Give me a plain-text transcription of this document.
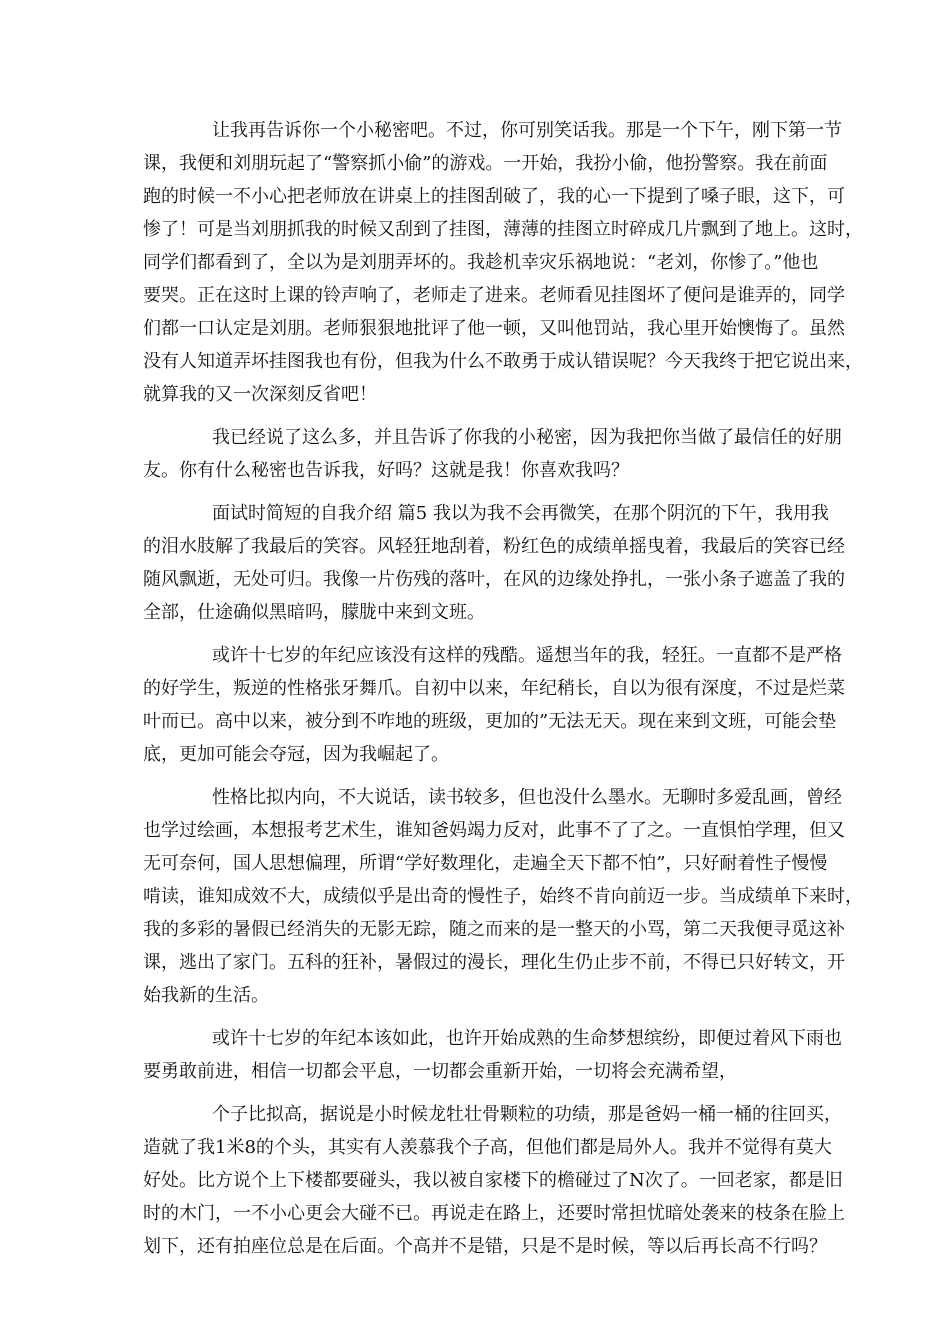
让我再告诉你一个小秘密吧。不过，你可别笑话我。那是一个下午，刚下第一节
课，我便和刘朋玩起了“警察抓小偷”的游戏。一开始，我扮小偷，他扮警察。我在前面
跑的时候一不小心把老师放在讲桌上的挂图刮破了，我的心一下提到了嗓子眼，这下，可
惨了！可是当刘朋抓我的时候又刮到了挂图，薄薄的挂图立时碎成几片飘到了地上。这时，
同学们都看到了，全以为是刘朋弄坏的。我趁机幸灾乐祸地说：“老刘，你惨了。”他也
要哭。正在这时上课的铃声响了，老师走了进来。老师看见挂图坏了便问是谁弄的，同学
们都一口认定是刘朋。老师狠狠地批评了他一顿，又叫他罚站，我心里开始懊悔了。虽然
没有人知道弄坏挂图我也有份，但我为什么不敢勇于成认错误呢？今天我终于把它说出来，
就算我的又一次深刻反省吧！
我已经说了这么多，并且告诉了你我的小秘密，因为我把你当做了最信任的好朋
友。你有什么秘密也告诉我，好吗？这就是我！你喜欢我吗？
面试时简短的自我介绍 篇5 我以为我不会再微笑，在那个阴沉的下午，我用我
的泪水肢解了我最后的笑容。风轻狂地刮着，粉红色的成绩单摇曳着，我最后的笑容已经
随风飘逝，无处可归。我像一片伤残的落叶，在风的边缘处挣扎，一张小条子遮盖了我的
全部，仕途确似黑暗吗，朦胧中来到文班。
或许十七岁的年纪应该没有这样的残酷。遥想当年的我，轻狂。一直都不是严格
的好学生，叛逆的性格张牙舞爪。自初中以来，年纪稍长，自以为很有深度，不过是烂菜
叶而已。高中以来，被分到不咋地的班级，更加的”无法无天。现在来到文班，可能会垫
底，更加可能会夺冠，因为我崛起了。
性格比拟内向，不大说话，读书较多，但也没什么墨水。无聊时多爱乱画，曾经
也学过绘画，本想报考艺术生，谁知爸妈竭力反对，此事不了了之。一直惧怕学理，但又
无可奈何，国人思想偏理，所谓“学好数理化，走遍全天下都不怕”，只好耐着性子慢慢
啃读，谁知成效不大，成绩似乎是出奇的慢性子，始终不肯向前迈一步。当成绩单下来时，
我的多彩的暑假已经消失的无影无踪，随之而来的是一整天的小骂，第二天我便寻觅这补
课，逃出了家门。五科的狂补，暑假过的漫长，理化生仍止步不前，不得已只好转文，开
始我新的生活。
或许十七岁的年纪本该如此，也许开始成熟的生命梦想缤纷，即便过着风下雨也
要勇敢前进，相信一切都会平息，一切都会重新开始，一切将会充满希望，
个子比拟高，据说是小时候龙牡壮骨颗粒的功绩，那是爸妈一桶一桶的往回买，
造就了我1米8的个头，其实有人羡慕我个子高，但他们都是局外人。我并不觉得有莫大
好处。比方说个上下楼都要碰头，我以被自家楼下的檐碰过了N次了。一回老家，都是旧
时的木门，一不小心更会大碰不已。再说走在路上，还要时常担忧暗处袭来的枝条在脸上
划下，还有拍座位总是在后面。个高并不是错，只是不是时候，等以后再长高不行吗？
